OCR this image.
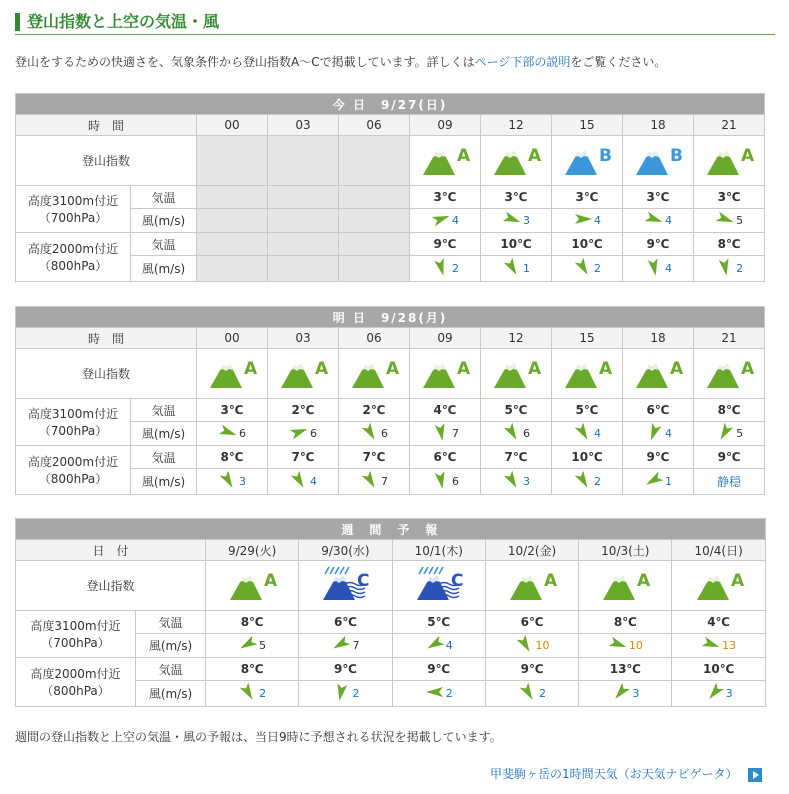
登山指数と上空の気温・風
登山をするための快適さを、気象条件から登山指数A〜Cで掲載しています。詳しくはページ下部の説明をご覧ください。
今 日　9/27(日)									
時　間		00	03	06	09	12	15	18	21
登山指数					A	A	B	B	A

高度3100m付近
（700hPa）	気温				3℃	3℃	3℃	3℃	3℃
	風(m/s)				4	3	4	4	5

高度2000m付近
（800hPa）	気温				9℃	10℃	10℃	9℃	8℃
	風(m/s)				2	1	2	4	2
明 日　9/28(月)									
時　間		00	03	06	09	12	15	18	21
登山指数		A	A	A	A	A	A	A	A

高度3100m付近
（700hPa）	気温	3℃	2℃	2℃	4℃	5℃	5℃	6℃	8℃
	風(m/s)	6	6	6	7	6	4	4	5

高度2000m付近
（800hPa）	気温	8℃	7℃	7℃	6℃	7℃	10℃	9℃	9℃
	風(m/s)	3	4	7	6	3	2	1	静穏
週　間　予　報							
日　付		9/29(火)	9/30(水)	10/1(木)	10/2(金)	10/3(土)	10/4(日)
登山指数		A	C	C	A	A	A

高度3100m付近
（700hPa）	気温	8℃	6℃	5℃	6℃	8℃	4℃
	風(m/s)	5	7	4	10	10	13

高度2000m付近
（800hPa）	気温	8℃	9℃	9℃	9℃	13℃	10℃
	風(m/s)	2	2	2	2	3	3
週間の登山指数と上空の気温・風の予報は、当日9時に予想される状況を掲載しています。
甲斐駒ヶ岳の1時間天気（お天気ナビゲータ）
